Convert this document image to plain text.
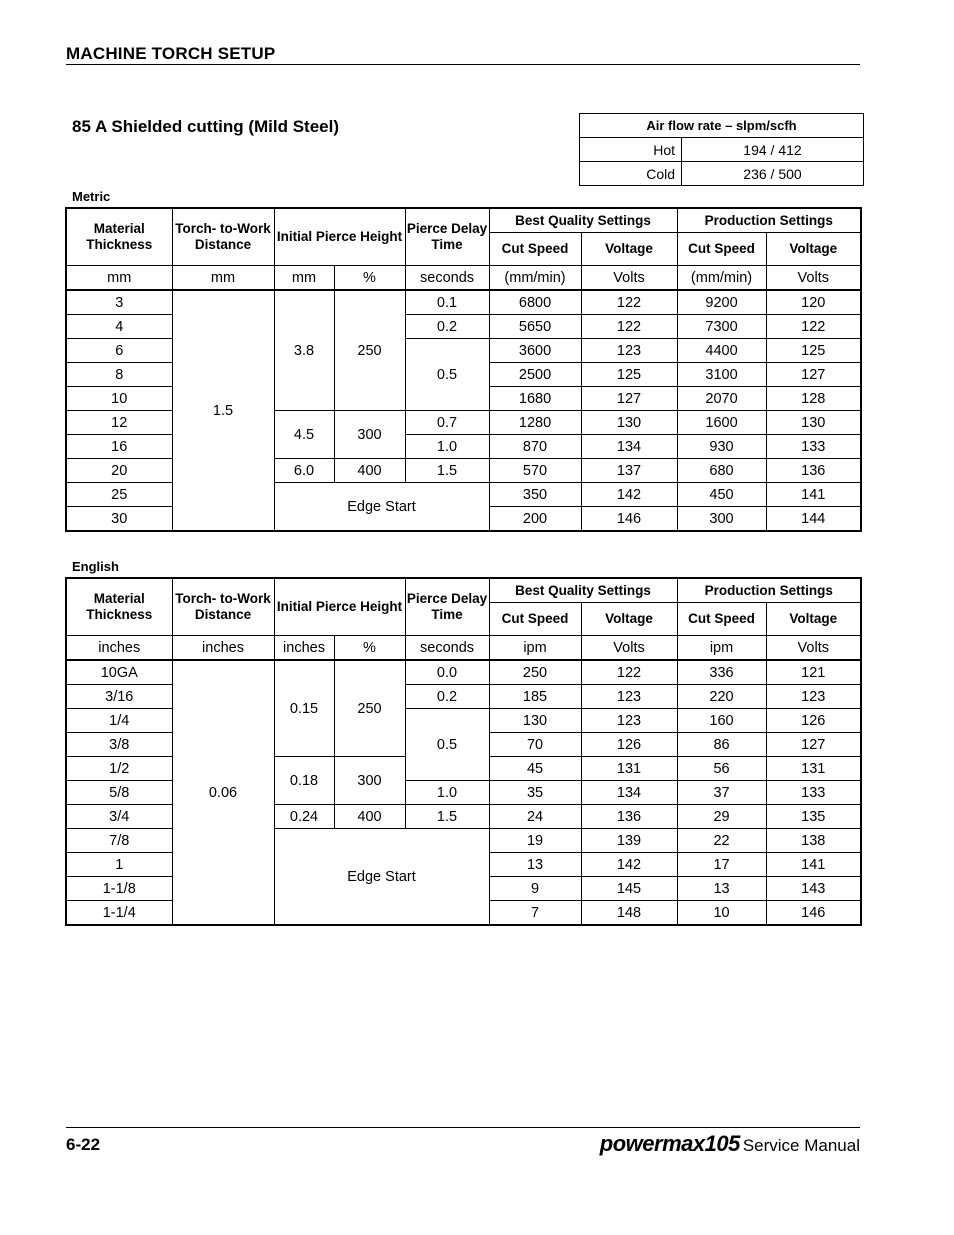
MACHINE TORCH SETUP
85 A Shielded cutting (Mild Steel)	Air flow rate – slpm/scfh	
Hot	194 / 412
Cold	236 / 500
Metric
Material Thickness	Torch- to-Work Distance	Initial Pierce Height		Pierce Delay Time	Best Quality Settings		Production Settings	
					Cut Speed	Voltage	Cut Speed	Voltage
mm	mm	mm	%	seconds	(mm/min)	Volts	(mm/min)	Volts
3	1.5	3.8	250	0.1	6800	122	9200	120
4				0.2	5650	122	7300	122
6				0.5	3600	123	4400	125
8					2500	125	3100	127
10					1680	127	2070	128
12		4.5	300	0.7	1280	130	1600	130
16				1.0	870	134	930	133
20		6.0	400	1.5	570	137	680	136
25		Edge Start			350	142	450	141
30					200	146	300	144
English
Material Thickness	Torch- to-Work Distance	Initial Pierce Height		Pierce Delay Time	Best Quality Settings		Production Settings	
					Cut Speed	Voltage	Cut Speed	Voltage
inches	inches	inches	%	seconds	ipm	Volts	ipm	Volts
10GA	0.06	0.15	250	0.0	250	122	336	121
3/16				0.2	185	123	220	123
1/4				0.5	130	123	160	126
3/8					70	126	86	127
1/2		0.18	300		45	131	56	131
5/8				1.0	35	134	37	133
3/4		0.24	400	1.5	24	136	29	135
7/8		Edge Start			19	139	22	138
1					13	142	17	141
1-1/8					9	145	13	143
1-1/4					7	148	10	146
6-22	powermax105 Service Manual
